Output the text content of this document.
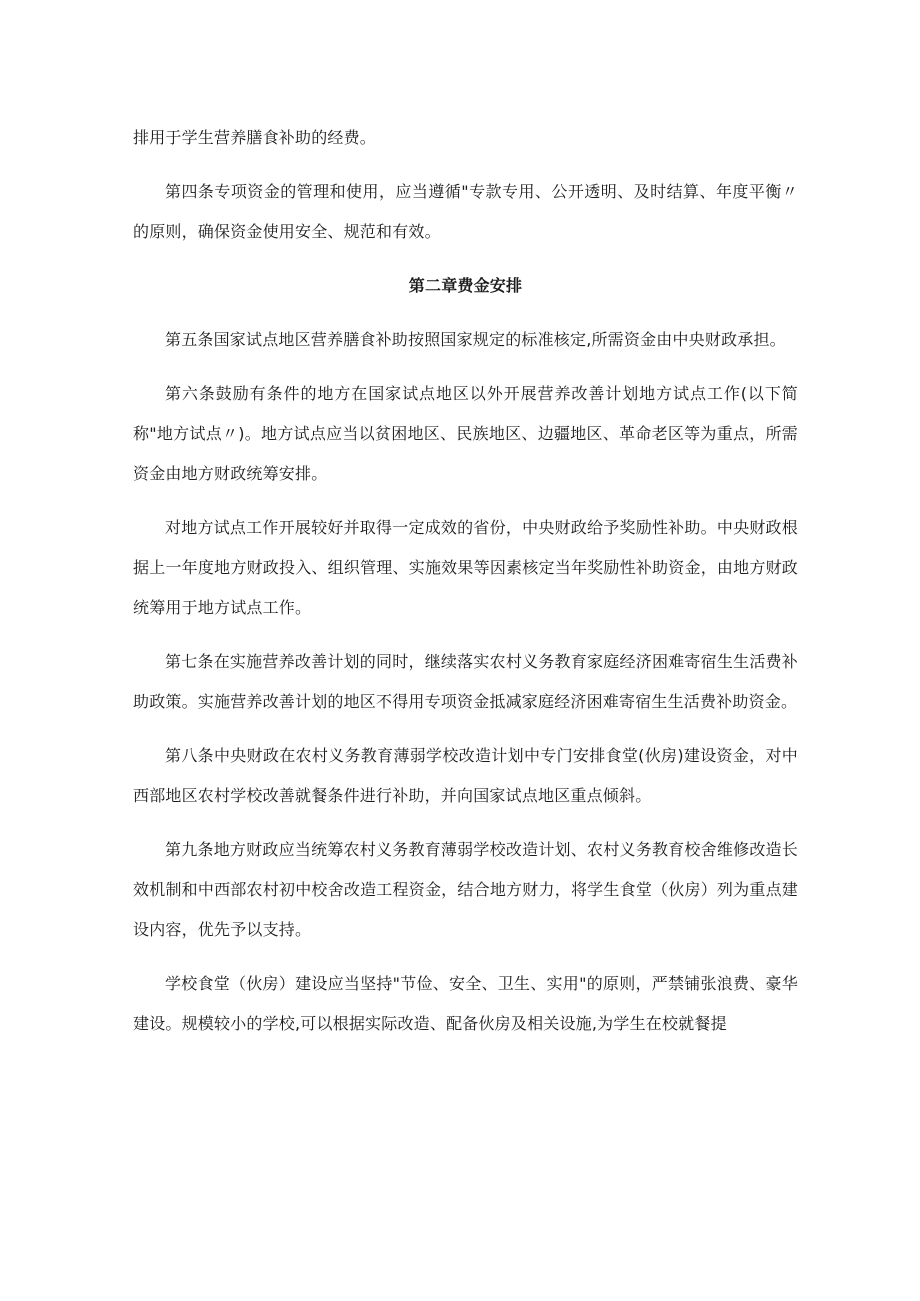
排用于学生营养膳食补助的经费。

第四条专项资金的管理和使用，应当遵循"专款专用、公开透明、及时结算、年度平衡〃的原则，确保资金使用安全、规范和有效。

第二章费金安排

第五条国家试点地区营养膳食补助按照国家规定的标准核定,所需资金由中央财政承担。

第六条鼓励有条件的地方在国家试点地区以外开展营养改善计划地方试点工作(以下简称"地方试点〃)。地方试点应当以贫困地区、民族地区、边疆地区、革命老区等为重点，所需资金由地方财政统筹安排。

对地方试点工作开展较好并取得一定成效的省份，中央财政给予奖励性补助。中央财政根据上一年度地方财政投入、组织管理、实施效果等因素核定当年奖励性补助资金，由地方财政统筹用于地方试点工作。

第七条在实施营养改善计划的同时，继续落实农村义务教育家庭经济困难寄宿生生活费补助政策。实施营养改善计划的地区不得用专项资金抵减家庭经济困难寄宿生生活费补助资金。

第八条中央财政在农村义务教育薄弱学校改造计划中专门安排食堂(伙房)建设资金，对中西部地区农村学校改善就餐条件进行补助，并向国家试点地区重点倾斜。

第九条地方财政应当统筹农村义务教育薄弱学校改造计划、农村义务教育校舍维修改造长效机制和中西部农村初中校舍改造工程资金，结合地方财力，将学生食堂（伙房）列为重点建设内容，优先予以支持。

学校食堂（伙房）建设应当坚持"节俭、安全、卫生、实用"的原则，严禁铺张浪费、豪华建设。规模较小的学校,可以根据实际改造、配备伙房及相关设施,为学生在校就餐提
